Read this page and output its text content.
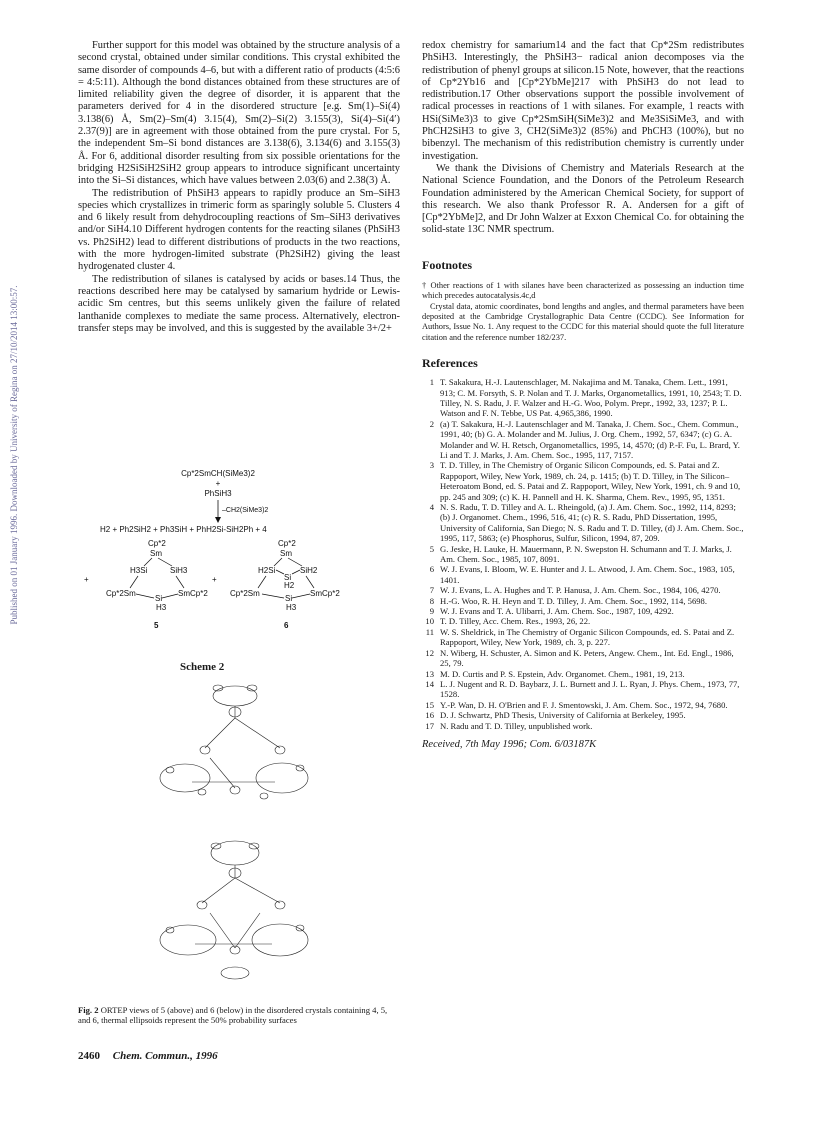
Published on 01 January 1996. Downloaded by University of Regina on 27/10/2014 13:00:57.

Further support for this model was obtained by the structure analysis of a second crystal, obtained under similar conditions. This crystal exhibited the same disorder of compounds 4–6, but with a different ratio of products (4:5:6 = 4:5:11). Although the bond distances obtained from these structures are of limited reliability given the degree of disorder, it is apparent that the parameters derived for 4 in the disordered structure [e.g. Sm(1)–Si(4) 3.138(6) Å, Sm(2)–Sm(4) 3.15(4), Sm(2)–Si(2) 3.155(3), Si(4)–Si(4′) 2.37(9)] are in agreement with those obtained from the pure crystal. For 5, the independent Sm–Si bond distances are 3.138(6), 3.134(6) and 3.155(3) Å. For 6, additional disorder resulting from six possible orientations for the bridging H2SiSiH2SiH2 group appears to introduce significant uncertainty into the Si–Si distances, which have values between 2.03(6) and 2.38(3) Å.

The redistribution of PhSiH3 appears to rapidly produce an Sm–SiH3 species which crystallizes in trimeric form as sparingly soluble 5. Clusters 4 and 6 likely result from dehydrocoupling reactions of Sm–SiH3 derivatives and/or SiH4.10 Different hydrogen contents for the reacting silanes (PhSiH3 vs. Ph2SiH2) lead to different distributions of products in the two reactions, with the more hydrogen-limited substrate (Ph2SiH2) giving the least hydrogenated cluster 4.

The redistribution of silanes is catalysed by acids or bases.14 Thus, the reactions described here may be catalysed by samarium hydride or Lewis-acidic Sm centres, but this seems unlikely given the failure of related lanthanide complexes to mediate the same process. Alternatively, electron-transfer steps may be involved, and this is suggested by the available 3+/2+

Cp*2SmCH(SiMe3)2
+
PhSiH3
–CH2(SiMe3)2
H2 + Ph2SiH2 + Ph3SiH + PhH2Si-SiH2Ph + 4
Cp*2
Sm
H3Si	SiH3
Cp*2Sm	SmCp*2
Si
H3
+
5
+
Cp*2
Sm
H2Si	SiH2
Si
H2
Cp*2Sm	SmCp*2
Si
H3
6
Scheme 2
Fig. 2 ORTEP views of 5 (above) and 6 (below) in the disordered crystals containing 4, 5, and 6, thermal ellipsoids represent the 50% probability surfaces
2460 Chem. Commun., 1996

redox chemistry for samarium14 and the fact that Cp*2Sm redistributes PhSiH3. Interestingly, the PhSiH3− radical anion decomposes via the redistribution of phenyl groups at silicon.15 Note, however, that the reactions of Cp*2Yb16 and [Cp*2YbMe]217 with PhSiH3 do not lead to redistribution.17 Other observations support the possible involvement of radical processes in reactions of 1 with silanes. For example, 1 reacts with HSi(SiMe3)3 to give Cp*2SmSiH(SiMe3)2 and Me3SiSiMe3, and with PhCH2SiH3 to give 3, CH2(SiMe3)2 (85%) and PhCH3 (100%), but no bibenzyl. The mechanism of this redistribution chemistry is currently under investigation.

We thank the Divisions of Chemistry and Materials Research at the National Science Foundation, and the Donors of the Petroleum Research Foundation administered by the American Chemical Society, for support of this research. We also thank Professor R. A. Andersen for a gift of [Cp*2YbMe]2, and Dr John Walzer at Exxon Chemical Co. for obtaining the solid-state 13C NMR spectrum.

Footnotes

† Other reactions of 1 with silanes have been characterized as possessing an induction time which precedes autocatalysis.4c,d

Crystal data, atomic coordinates, bond lengths and angles, and thermal parameters have been deposited at the Cambridge Crystallographic Data Centre (CCDC). See Information for Authors, Issue No. 1. Any request to the CCDC for this material should quote the full literature citation and the reference number 182/237.

References
1 T. Sakakura, H.-J. Lautenschlager, M. Nakajima and M. Tanaka, Chem. Lett., 1991, 913; C. M. Forsyth, S. P. Nolan and T. J. Marks, Organometallics, 1991, 10, 2543; T. D. Tilley, N. S. Radu, J. F. Walzer and H.-G. Woo, Polym. Prepr., 1992, 33, 1237; P. L. Watson and F. N. Tebbe, US Pat. 4,965,386, 1990.
2 (a) T. Sakakura, H.-J. Lautenschlager and M. Tanaka, J. Chem. Soc., Chem. Commun., 1991, 40; (b) G. A. Molander and M. Julius, J. Org. Chem., 1992, 57, 6347; (c) G. A. Molander and W. H. Retsch, Organometallics, 1995, 14, 4570; (d) P.-F. Fu, L. Brard, Y. Li and T. J. Marks, J. Am. Chem. Soc., 1995, 117, 7157.
3 T. D. Tilley, in The Chemistry of Organic Silicon Compounds, ed. S. Patai and Z. Rappoport, Wiley, New York, 1989, ch. 24, p. 1415; (b) T. D. Tilley, in The Silicon–Heteroatom Bond, ed. S. Patai and Z. Rappoport, Wiley, New York, 1991, ch. 9 and 10, pp. 245 and 309; (c) K. H. Pannell and H. K. Sharma, Chem. Rev., 1995, 95, 1351.
4 N. S. Radu, T. D. Tilley and A. L. Rheingold, (a) J. Am. Chem. Soc., 1992, 114, 8293; (b) J. Organomet. Chem., 1996, 516, 41; (c) R. S. Radu, PhD Dissertation, 1995, University of California, San Diego; N. S. Radu and T. D. Tilley, (d) J. Am. Chem. Soc., 1995, 117, 5863; (e) Phosphorus, Sulfur, Silicon, 1994, 87, 209.
5 G. Jeske, H. Lauke, H. Mauermann, P. N. Swepston H. Schumann and T. J. Marks, J. Am. Chem. Soc., 1985, 107, 8091.
6 W. J. Evans, I. Bloom, W. E. Hunter and J. L. Atwood, J. Am. Chem. Soc., 1983, 105, 1401.
7 W. J. Evans, L. A. Hughes and T. P. Hanusa, J. Am. Chem. Soc., 1984, 106, 4270.
8 H.-G. Woo, R. H. Heyn and T. D. Tilley, J. Am. Chem. Soc., 1992, 114, 5698.
9 W. J. Evans and T. A. Ulibarri, J. Am. Chem. Soc., 1987, 109, 4292.
10 T. D. Tilley, Acc. Chem. Res., 1993, 26, 22.
11 W. S. Sheldrick, in The Chemistry of Organic Silicon Compounds, ed. S. Patai and Z. Rappoport, Wiley, New York, 1989, ch. 3, p. 227.
12 N. Wiberg, H. Schuster, A. Simon and K. Peters, Angew. Chem., Int. Ed. Engl., 1986, 25, 79.
13 M. D. Curtis and P. S. Epstein, Adv. Organomet. Chem., 1981, 19, 213.
14 L. J. Nugent and R. D. Baybarz, J. L. Burnett and J. L. Ryan, J. Phys. Chem., 1973, 77, 1528.
15 Y.-P. Wan, D. H. O'Brien and F. J. Smentowski, J. Am. Chem. Soc., 1972, 94, 7680.
16 D. J. Schwartz, PhD Thesis, University of California at Berkeley, 1995.
17 N. Radu and T. D. Tilley, unpublished work.
Received, 7th May 1996; Com. 6/03187K
